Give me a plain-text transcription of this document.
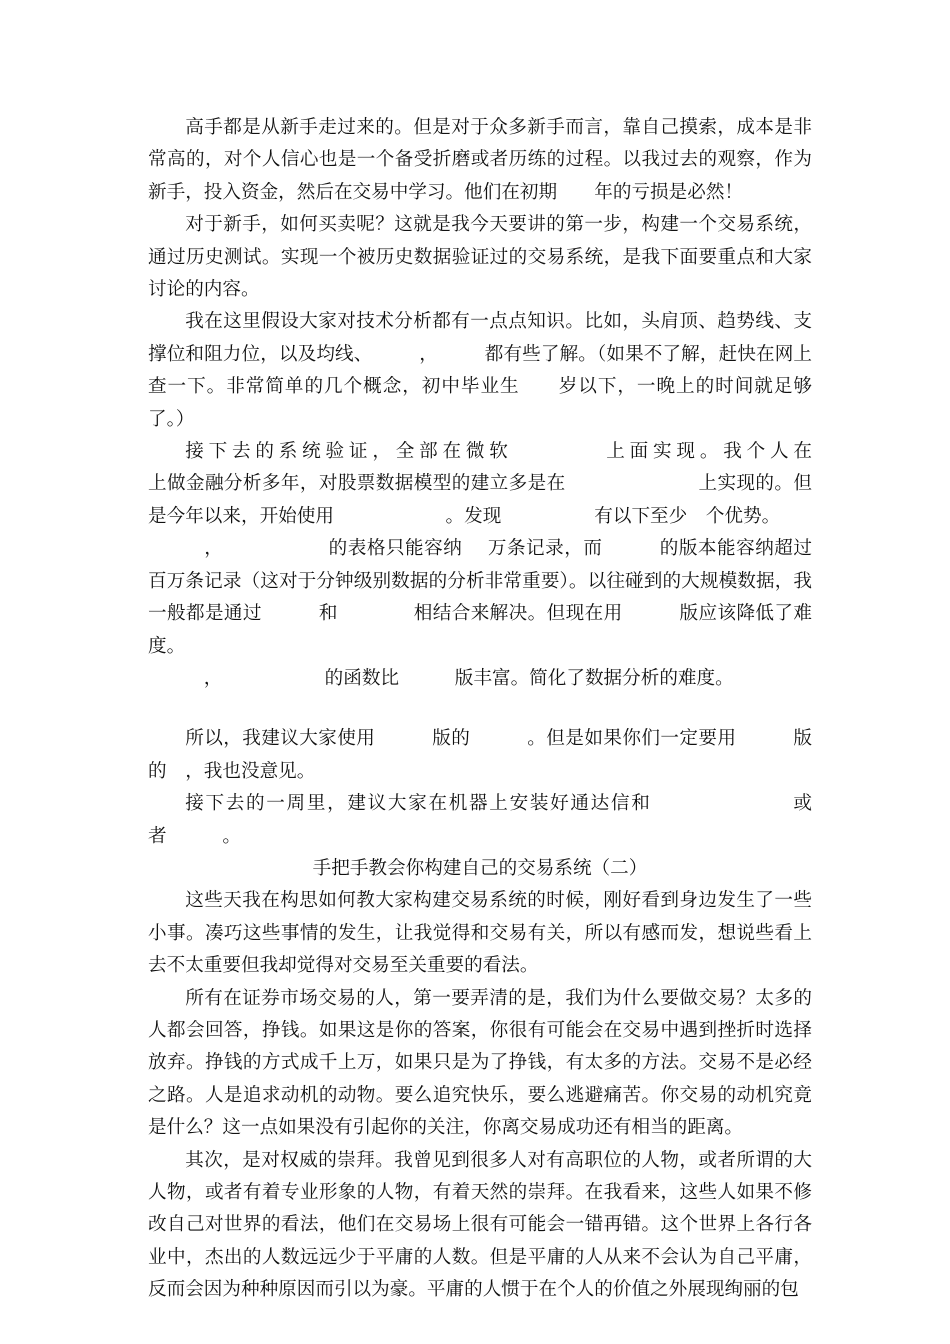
高手都是从新手走过来的。但是对于众多新手而言，靠自己摸索，成本是非常高的，对个人信心也是一个备受折磨或者历练的过程。以我过去的观察，作为新手，投入资金，然后在交易中学习。他们在初期　　年的亏损是必然！

对于新手，如何买卖呢？这就是我今天要讲的第一步，构建一个交易系统，通过历史测试。实现一个被历史数据验证过的交易系统，是我下面要重点和大家讨论的内容。

我在这里假设大家对技术分析都有一点点知识。比如，头肩顶、趋势线、支撑位和阻力位，以及均线、　　　，　　　都有些了解。（如果不了解，赶快在网上查一下。非常简单的几个概念，初中毕业生　　岁以下，一晚上的时间就足够了。）

接下去的系统验证，全部在微软　　　　上面实现。我个人在　　　　　　　上做金融分析多年，对股票数据模型的建立多是在　　　　　　　上实现的。但是今年以来，开始使用　　　　　　。发现　　　　　有以下至少　个优势。

　，　　　　　　的表格只能容纳　 万条记录，而　　　的版本能容纳超过百万条记录（这对于分钟级别数据的分析非常重要）。以往碰到的大规模数据，我一般都是通过　　　和　　　　相结合来解决。但现在用　　　版应该降低了难度。

　，　　　　　　的函数比　　　版丰富。简化了数据分析的难度。

所以，我建议大家使用　　　版的　　　。但是如果你们一定要用　　　版的　，我也没意见。

接下去的一周里，建议大家在机器上安装好通达信和　　　　　　　或者　　　。

手把手教会你构建自己的交易系统（二）

这些天我在构思如何教大家构建交易系统的时候，刚好看到身边发生了一些小事。凑巧这些事情的发生，让我觉得和交易有关，所以有感而发，想说些看上去不太重要但我却觉得对交易至关重要的看法。

所有在证券市场交易的人，第一要弄清的是，我们为什么要做交易？太多的人都会回答，挣钱。如果这是你的答案，你很有可能会在交易中遇到挫折时选择放弃。挣钱的方式成千上万，如果只是为了挣钱，有太多的方法。交易不是必经之路。人是追求动机的动物。要么追究快乐，要么逃避痛苦。你交易的动机究竟是什么？这一点如果没有引起你的关注，你离交易成功还有相当的距离。

其次，是对权威的崇拜。我曾见到很多人对有高职位的人物，或者所谓的大人物，或者有着专业形象的人物，有着天然的崇拜。在我看来，这些人如果不修改自己对世界的看法，他们在交易场上很有可能会一错再错。这个世界上各行各业中，杰出的人数远远少于平庸的人数。但是平庸的人从来不会认为自己平庸，反而会因为种种原因而引以为豪。平庸的人惯于在个人的价值之外展现绚丽的包
